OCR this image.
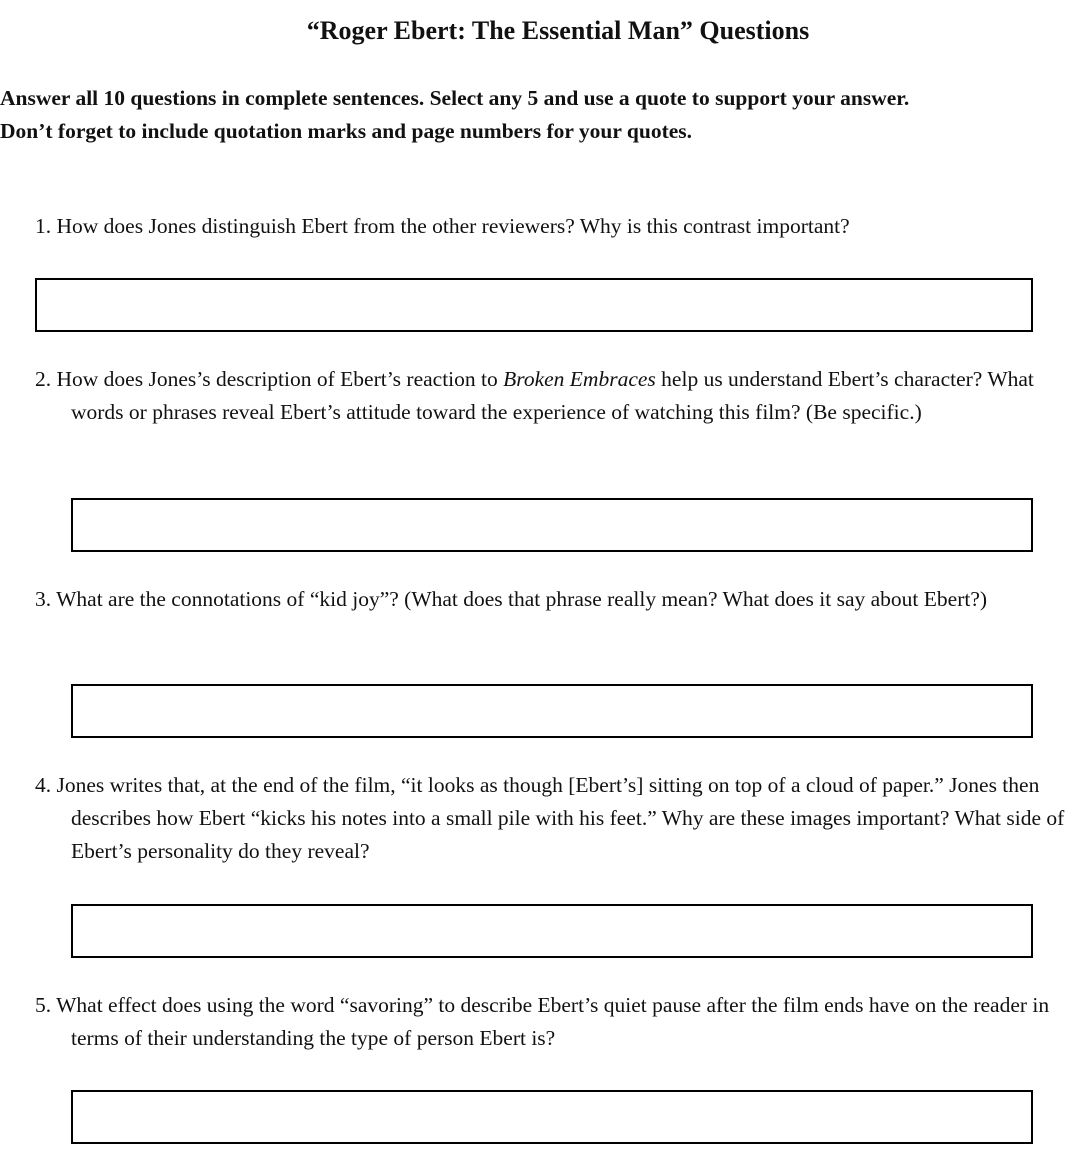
“Roger Ebert: The Essential Man” Questions
Answer all 10 questions in complete sentences. Select any 5 and use a quote to support your answer.
Don’t forget to include quotation marks and page numbers for your quotes.
1. How does Jones distinguish Ebert from the other reviewers? Why is this contrast important?
2. How does Jones’s description of Ebert’s reaction to Broken Embraces help us understand Ebert’s character? What words or phrases reveal Ebert’s attitude toward the experience of watching this film? (Be specific.)
3. What are the connotations of “kid joy”? (What does that phrase really mean? What does it say about Ebert?)
4. Jones writes that, at the end of the film, “it looks as though [Ebert’s] sitting on top of a cloud of paper.” Jones then describes how Ebert “kicks his notes into a small pile with his feet.” Why are these images important? What side of Ebert’s personality do they reveal?
5. What effect does using the word “savoring” to describe Ebert’s quiet pause after the film ends have on the reader in terms of their understanding the type of person Ebert is?
